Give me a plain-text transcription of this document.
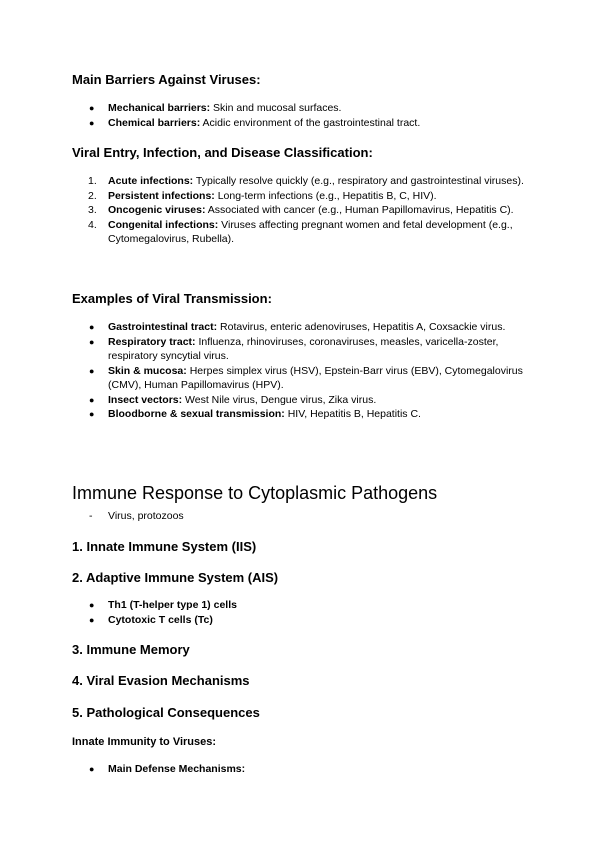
Main Barriers Against Viruses:
● Mechanical barriers: Skin and mucosal surfaces.
● Chemical barriers: Acidic environment of the gastrointestinal tract.
Viral Entry, Infection, and Disease Classification:
1. Acute infections: Typically resolve quickly (e.g., respiratory and gastrointestinal viruses).
2. Persistent infections: Long-term infections (e.g., Hepatitis B, C, HIV).
3. Oncogenic viruses: Associated with cancer (e.g., Human Papillomavirus, Hepatitis C).
4. Congenital infections: Viruses affecting pregnant women and fetal development (e.g., Cytomegalovirus, Rubella).
Examples of Viral Transmission:
● Gastrointestinal tract: Rotavirus, enteric adenoviruses, Hepatitis A, Coxsackie virus.
● Respiratory tract: Influenza, rhinoviruses, coronaviruses, measles, varicella-zoster, respiratory syncytial virus.
● Skin & mucosa: Herpes simplex virus (HSV), Epstein-Barr virus (EBV), Cytomegalovirus (CMV), Human Papillomavirus (HPV).
● Insect vectors: West Nile virus, Dengue virus, Zika virus.
● Bloodborne & sexual transmission: HIV, Hepatitis B, Hepatitis C.
Immune Response to Cytoplasmic Pathogens
- Virus, protozoos
1. Innate Immune System (IIS)
2. Adaptive Immune System (AIS)
● Th1 (T-helper type 1) cells
● Cytotoxic T cells (Tc)
3. Immune Memory
4. Viral Evasion Mechanisms
5. Pathological Consequences
Innate Immunity to Viruses:
● Main Defense Mechanisms:
